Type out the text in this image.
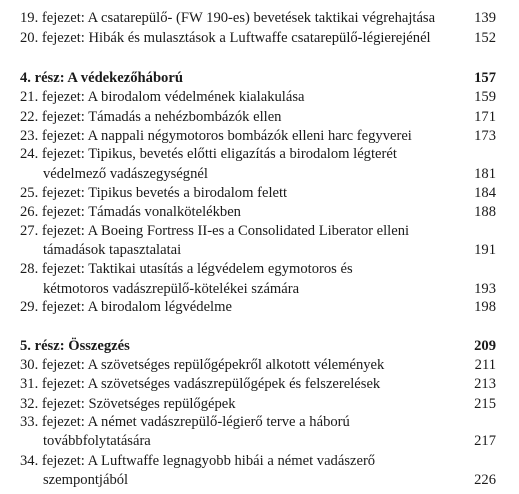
19. fejezet: A csatarepülő- (FW 190-es) bevetések taktikai végrehajtása	139
20. fejezet: Hibák és mulasztások a Luftwaffe csatarepülő-légierejénél	152
4. rész: A védekezőháború	157
21. fejezet: A birodalom védelmének kialakulása	159
22. fejezet: Támadás a nehézbombázók ellen	171
23. fejezet: A nappali négymotoros bombázók elleni harc fegyverei	173
24. fejezet: Tipikus, bevetés előtti eligazítás a birodalom légterét
védelmező vadászegységnél	181
25. fejezet: Tipikus bevetés a birodalom felett	184
26. fejezet: Támadás vonalkötelékben	188
27. fejezet: A Boeing Fortress II-es a Consolidated Liberator elleni
támadások tapasztalatai	191
28. fejezet: Taktikai utasítás a légvédelem egymotoros és
kétmotoros vadászrepülő-kötelékei számára	193
29. fejezet: A birodalom légvédelme	198
5. rész: Összegzés	209
30. fejezet: A szövetséges repülőgépekről alkotott vélemények	211
31. fejezet: A szövetséges vadászrepülőgépek és felszerelések	213
32. fejezet: Szövetséges repülőgépek	215
33. fejezet: A német vadászrepülő-légierő terve a háború
továbbfolytatására	217
34. fejezet: A Luftwaffe legnagyobb hibái a német vadászerő
szempontjából	226
